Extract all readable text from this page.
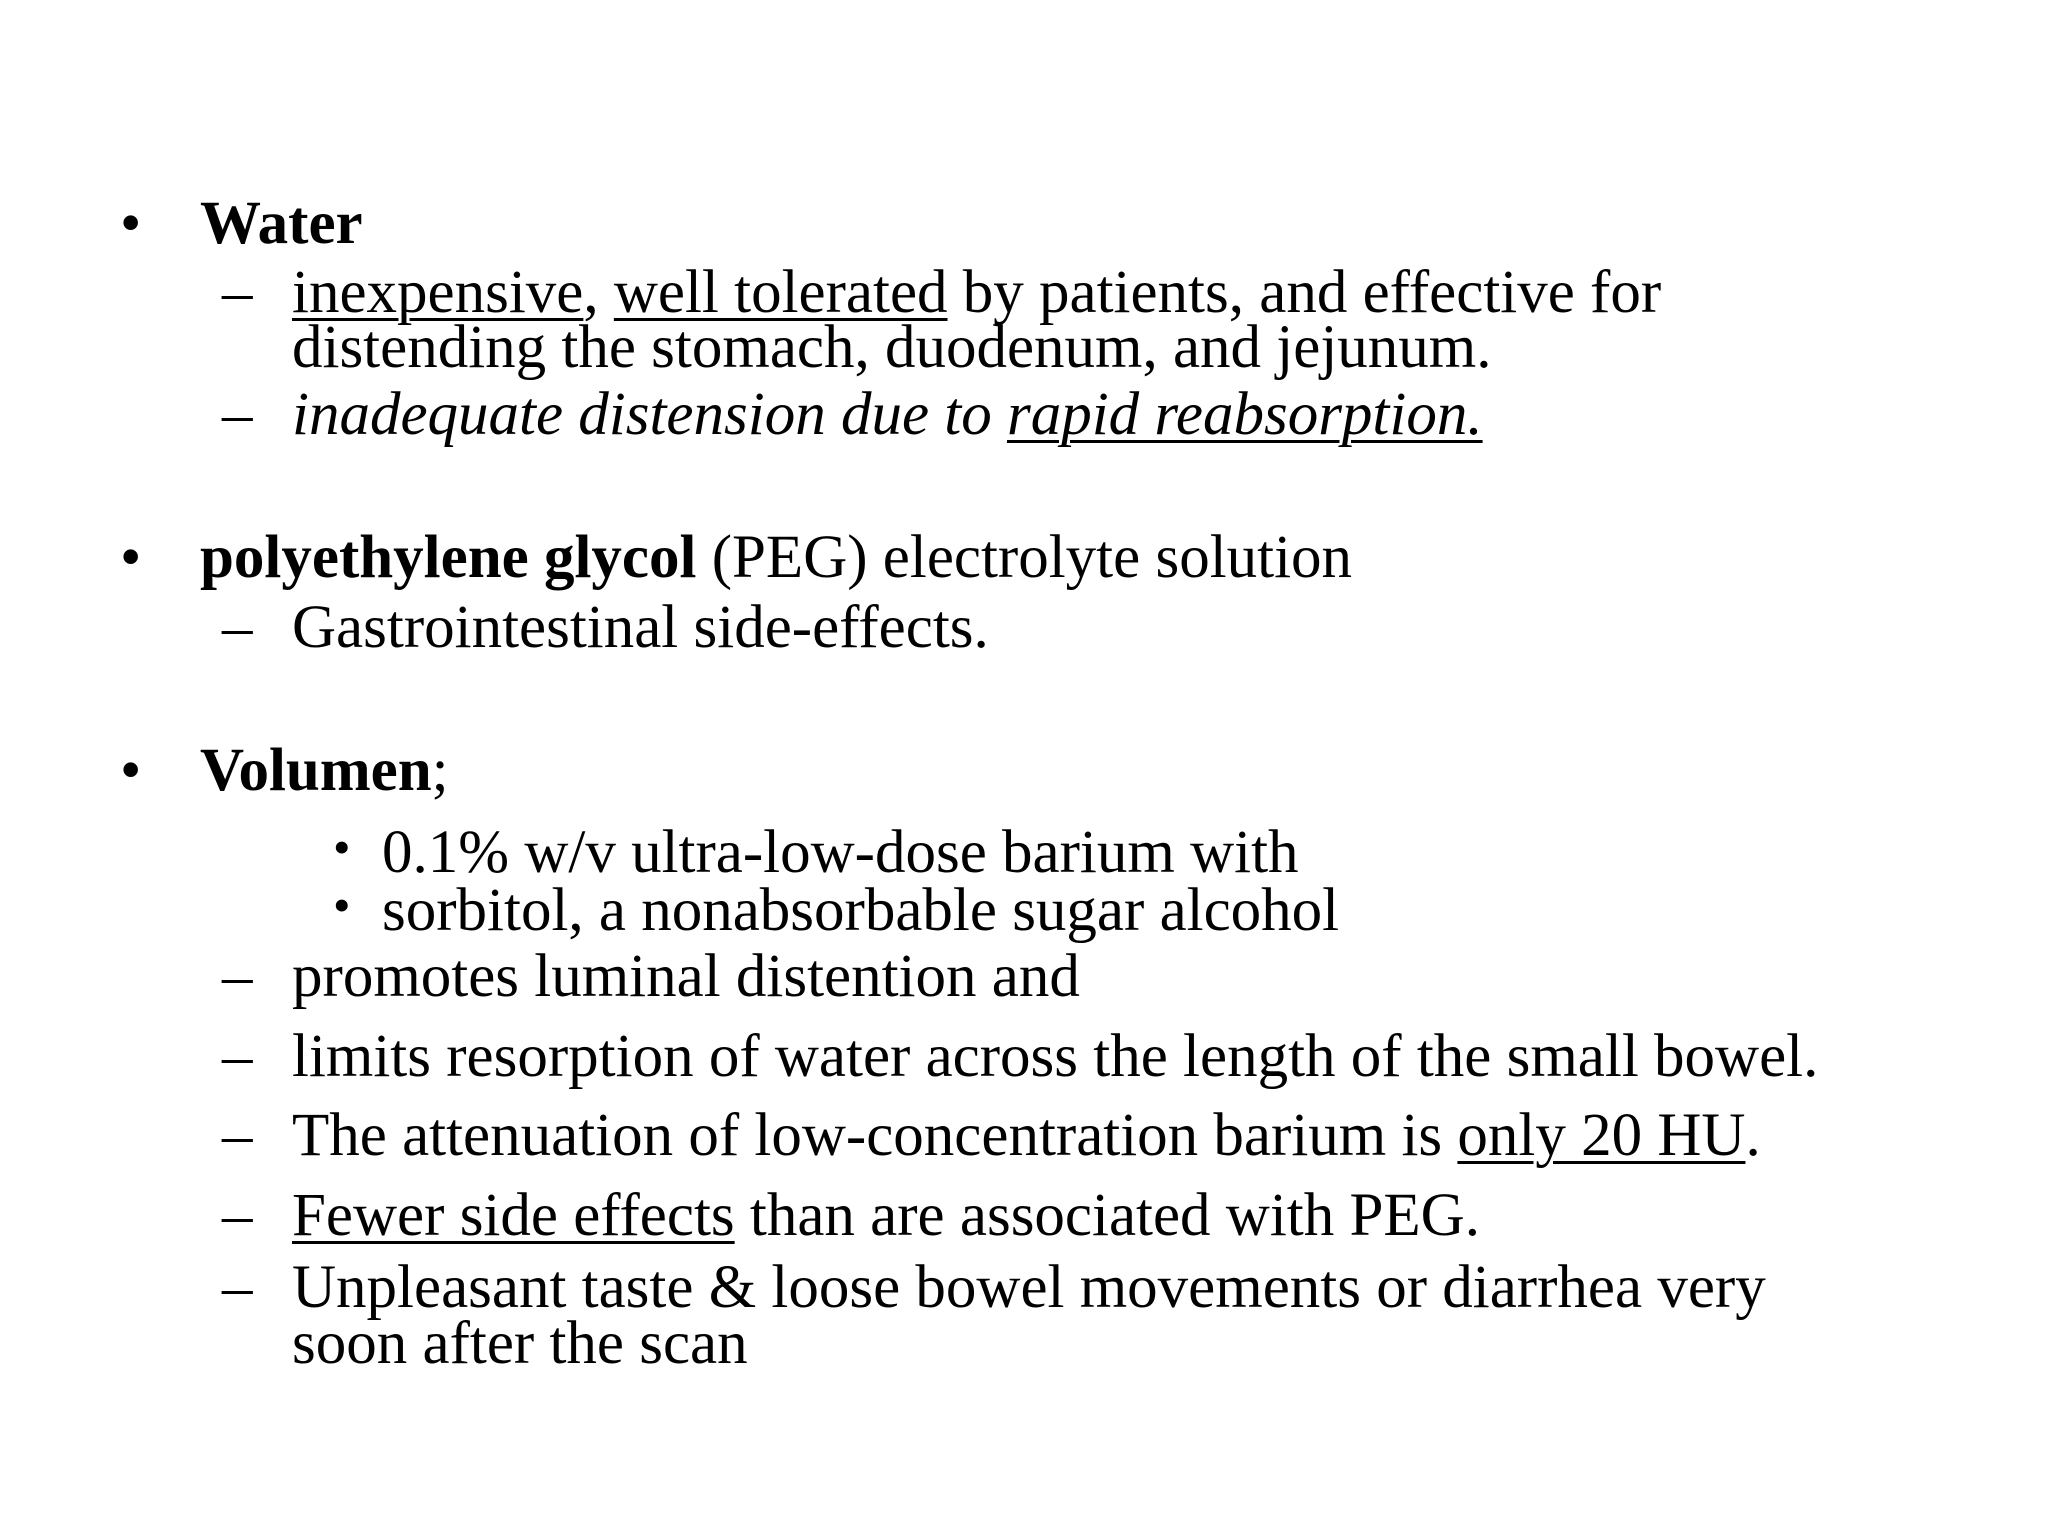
• Water
– inexpensive, well tolerated by patients, and effective for
distending the stomach, duodenum, and jejunum.
– inadequate distension due to rapid reabsorption.
• polyethylene glycol (PEG) electrolyte solution
– Gastrointestinal side-effects.
• Volumen;
• 0.1% w/v ultra-low-dose barium with
• sorbitol, a nonabsorbable sugar alcohol
– promotes luminal distention and
– limits resorption of water across the length of the small bowel.
– The attenuation of low-concentration barium is only 20 HU.
– Fewer side effects than are associated with PEG.
– Unpleasant taste & loose bowel movements or diarrhea very
soon after the scan
